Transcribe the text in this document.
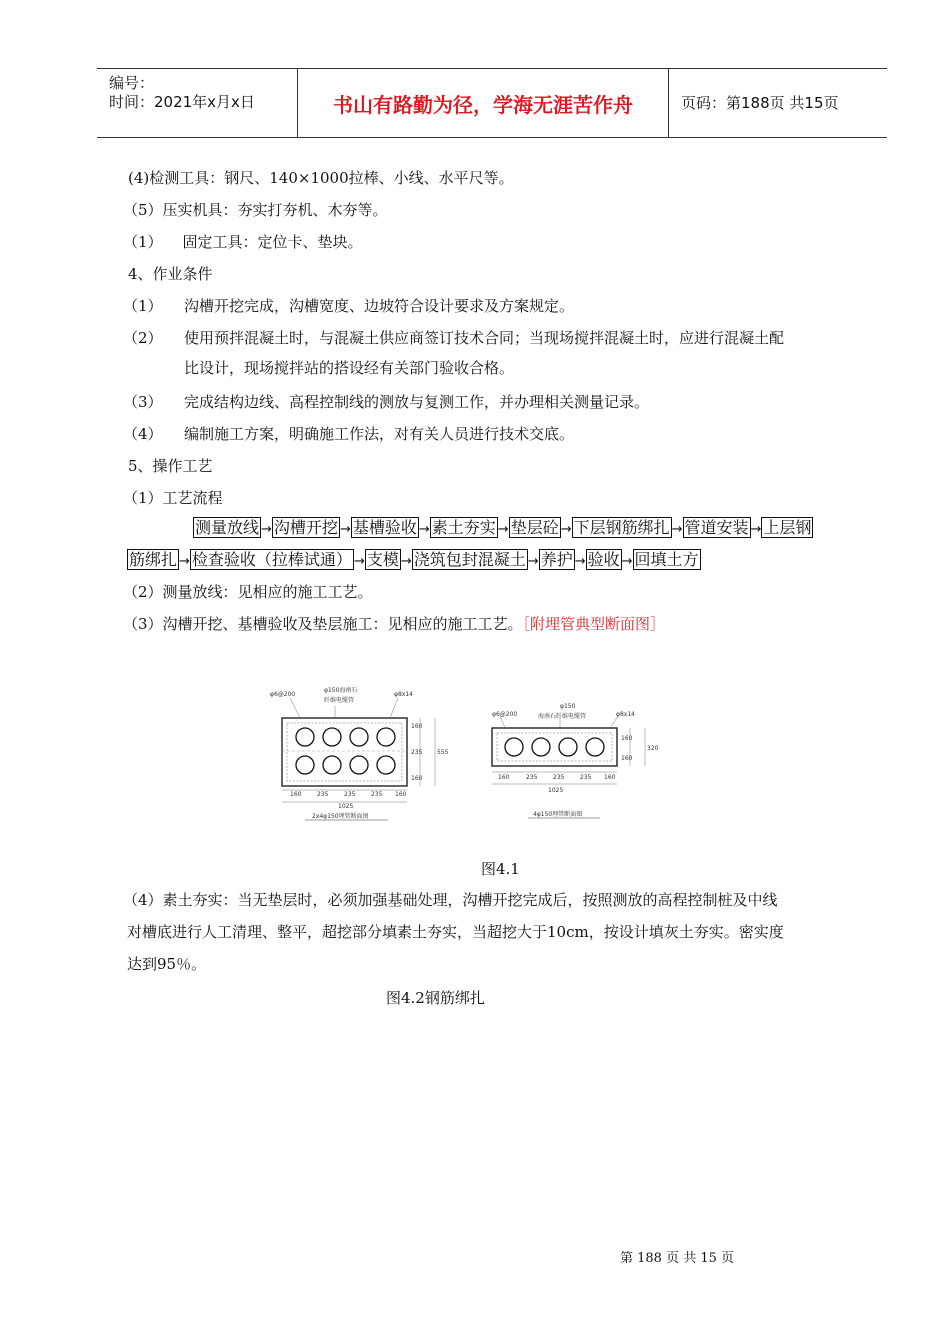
编号：
时间：2021年x月x日	书山有路勤为径，学海无涯苦作舟	页码：第188页 共15页
(4)检测工具：钢尺、140×1000拉棒、小线、水平尺等。
（5）压实机具：夯实打夯机、木夯等。
（1） 固定工具：定位卡、垫块。
4、作业条件
（1） 沟槽开挖完成，沟槽宽度、边坡符合设计要求及方案规定。
（2） 使用预拌混凝土时，与混凝土供应商签订技术合同；当现场搅拌混凝土时，应进行混凝土配
比设计，现场搅拌站的搭设经有关部门验收合格。
（3） 完成结构边线、高程控制线的测放与复测工作，并办理相关测量记录。
（4） 编制施工方案，明确施工作法，对有关人员进行技术交底。
5、操作工艺
（1）工艺流程
测量放线 → 沟槽开挖 → 基槽验收 → 素土夯实 → 垫层砼 → 下层钢筋绑扎 → 管道安装 → 上层钢
筋绑扎 → 检查验收（拉棒试通） → 支模 → 浇筑包封混凝土 → 养护 → 验收 → 回填土方
（2）测量放线：见相应的施工工艺。
（3）沟槽开挖、基槽验收及垫层施工：见相应的施工工艺。［附埋管典型断面图］
φ6@200
φ150海南石
纤维电缆管
φ8x14
160	235	235	235 160
1025
160
235
160
555
2x4φ150埋管断面图
φ6@200
φ150
海南石纤维电缆管	φ8x14
160	235	235	235 160
1025
160
160
320
4φ150埋管断面图
图4.1
（4）素土夯实：当无垫层时，必须加强基础处理，沟槽开挖完成后，按照测放的高程控制桩及中线
对槽底进行人工清理、整平，超挖部分填素土夯实，当超挖大于10cm，按设计填灰土夯实。密实度
达到95％。
图4.2钢筋绑扎
第 188 页 共 15 页
